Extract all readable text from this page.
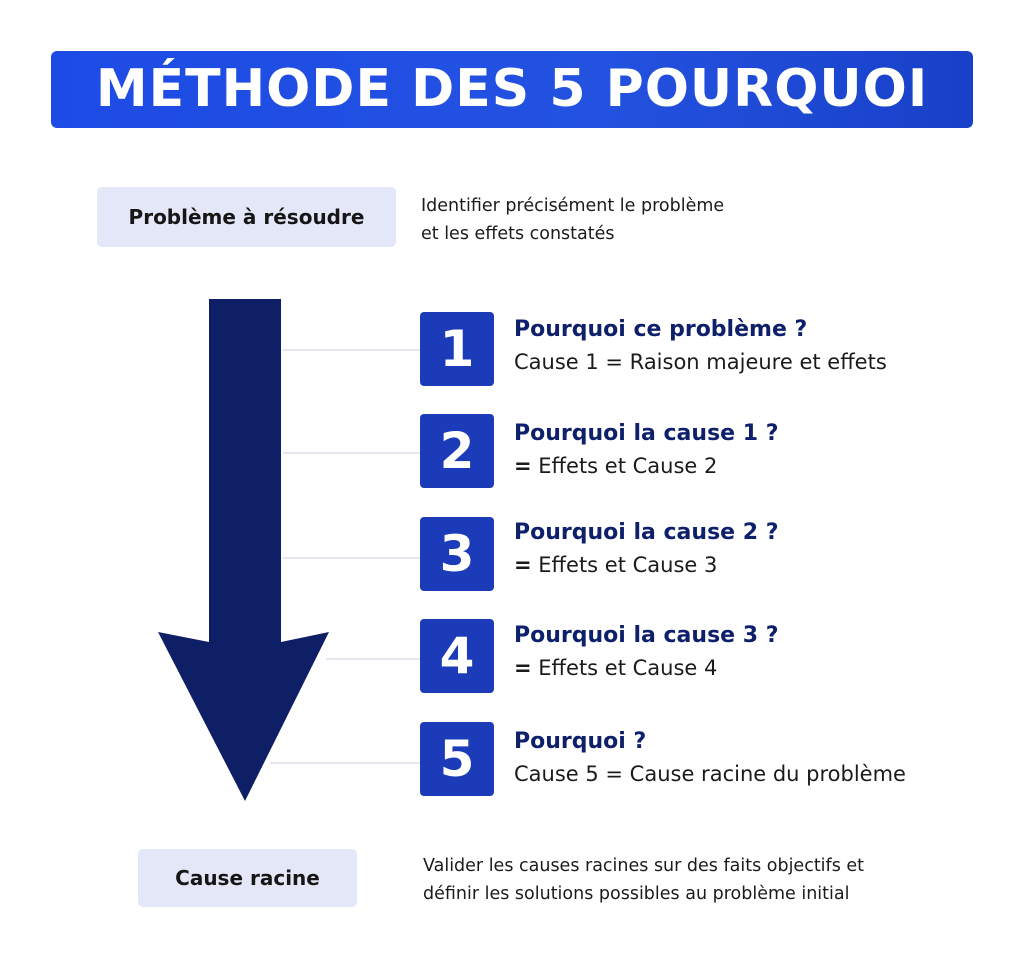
MÉTHODE DES 5 POURQUOI
Problème à résoudre	Identifier précisément le problème
et les effets constatés
1	Pourquoi ce problème ?
Cause 1 = Raison majeure et effets
2	Pourquoi la cause 1 ?
= Effets et Cause 2
3	Pourquoi la cause 2 ?
= Effets et Cause 3
4	Pourquoi la cause 3 ?
= Effets et Cause 4
5	Pourquoi ?
Cause 5 = Cause racine du problème
Cause racine	Valider les causes racines sur des faits objectifs et
définir les solutions possibles au problème initial
